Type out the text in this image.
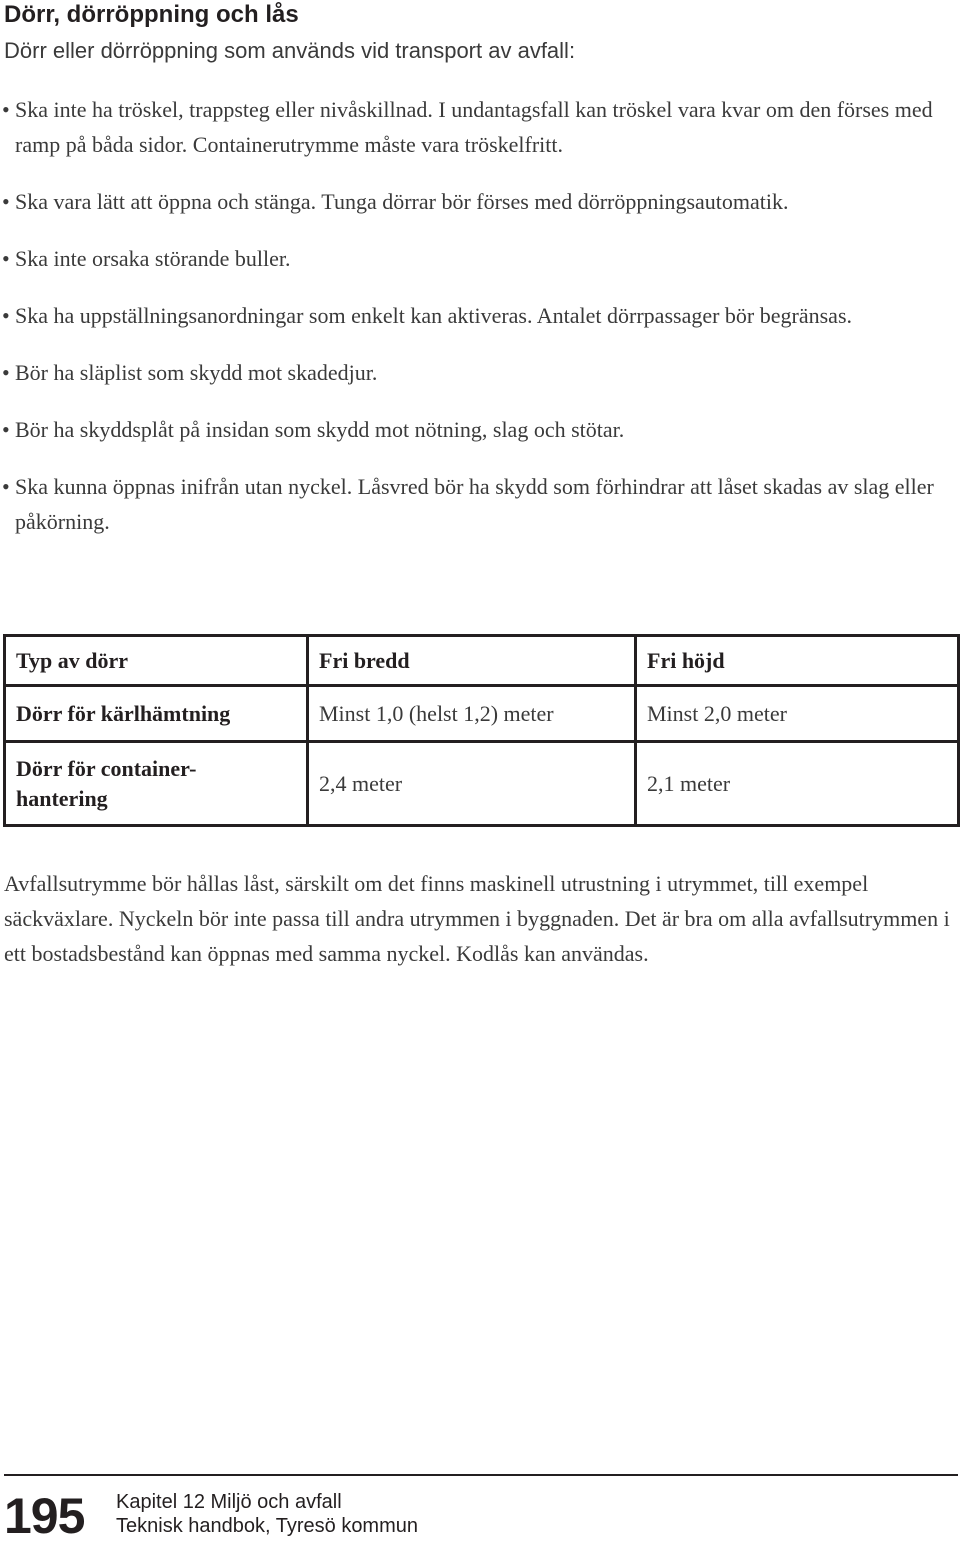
Dörr, dörröppning och lås
Dörr eller dörröppning som används vid transport av avfall:
• Ska inte ha tröskel, trappsteg eller nivåskillnad. I undantagsfall kan tröskel vara kvar om den förses med ramp på båda sidor. Containerutrymme måste vara tröskelfritt.
• Ska vara lätt att öppna och stänga. Tunga dörrar bör förses med dörröppningsautomatik.
• Ska inte orsaka störande buller.
• Ska ha uppställningsanordningar som enkelt kan aktiveras. Antalet dörrpassager bör begränsas.
• Bör ha släplist som skydd mot skadedjur.
• Bör ha skyddsplåt på insidan som skydd mot nötning, slag och stötar.
• Ska kunna öppnas inifrån utan nyckel. Låsvred bör ha skydd som förhindrar att låset skadas av slag eller påkörning.
Typ av dörr	Fri bredd	Fri höjd
Dörr för kärlhämtning	Minst 1,0 (helst 1,2) meter	Minst 2,0 meter
Dörr för container-
hantering	2,4 meter	2,1 meter

Avfallsutrymme bör hållas låst, särskilt om det finns maskinell utrustning i utrymmet, till exempel säckväxlare. Nyckeln bör inte passa till andra utrymmen i byggnaden. Det är bra om alla avfallsutrymmen i ett bostadsbestånd kan öppnas med samma nyckel. Kodlås kan användas.

195 Kapitel 12 Miljö och avfall
Teknisk handbok, Tyresö kommun
